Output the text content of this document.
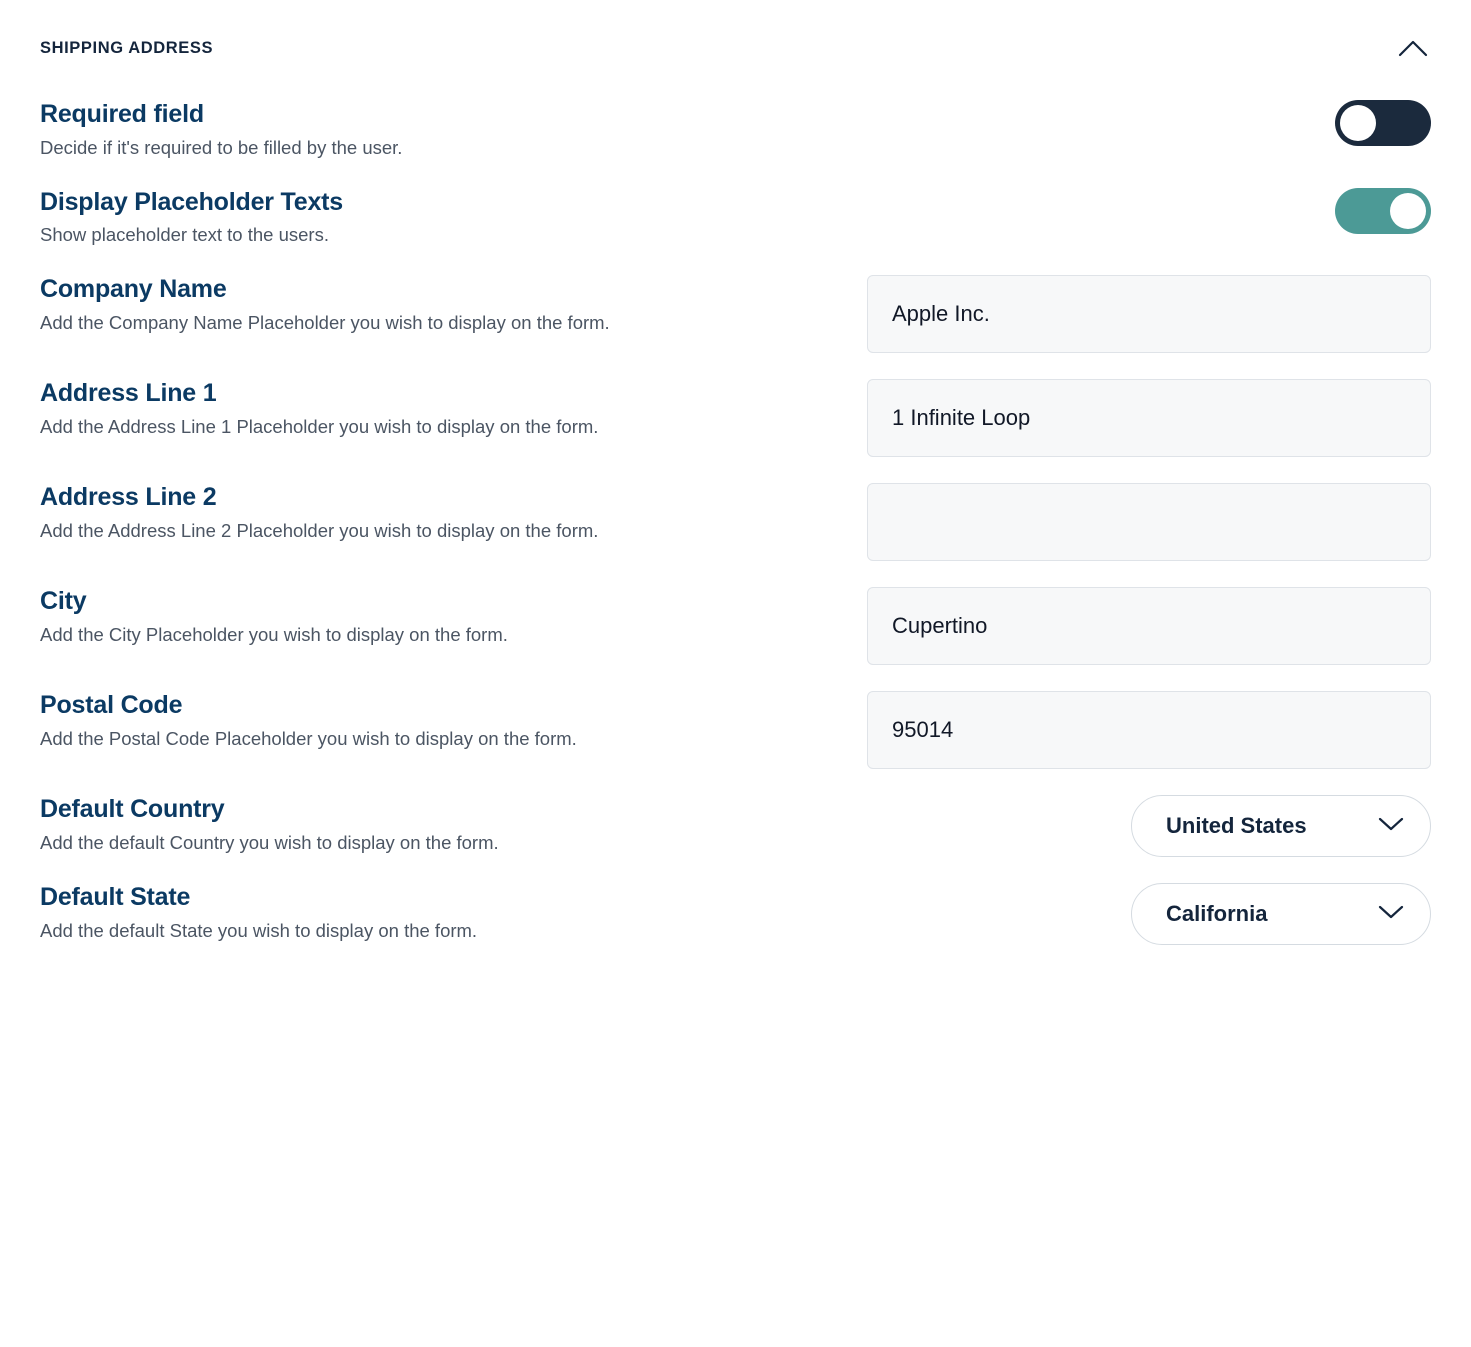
SHIPPING ADDRESS
Required field
Decide if it's required to be filled by the user.
Display Placeholder Texts
Show placeholder text to the users.
Company Name
Add the Company Name Placeholder you wish to display on the form.
Apple Inc.
Address Line 1
Add the Address Line 1 Placeholder you wish to display on the form.
1 Infinite Loop
Address Line 2
Add the Address Line 2 Placeholder you wish to display on the form.
City
Add the City Placeholder you wish to display on the form.
Cupertino
Postal Code
Add the Postal Code Placeholder you wish to display on the form.
95014
Default Country
Add the default Country you wish to display on the form.
United States
Default State
Add the default State you wish to display on the form.
California
